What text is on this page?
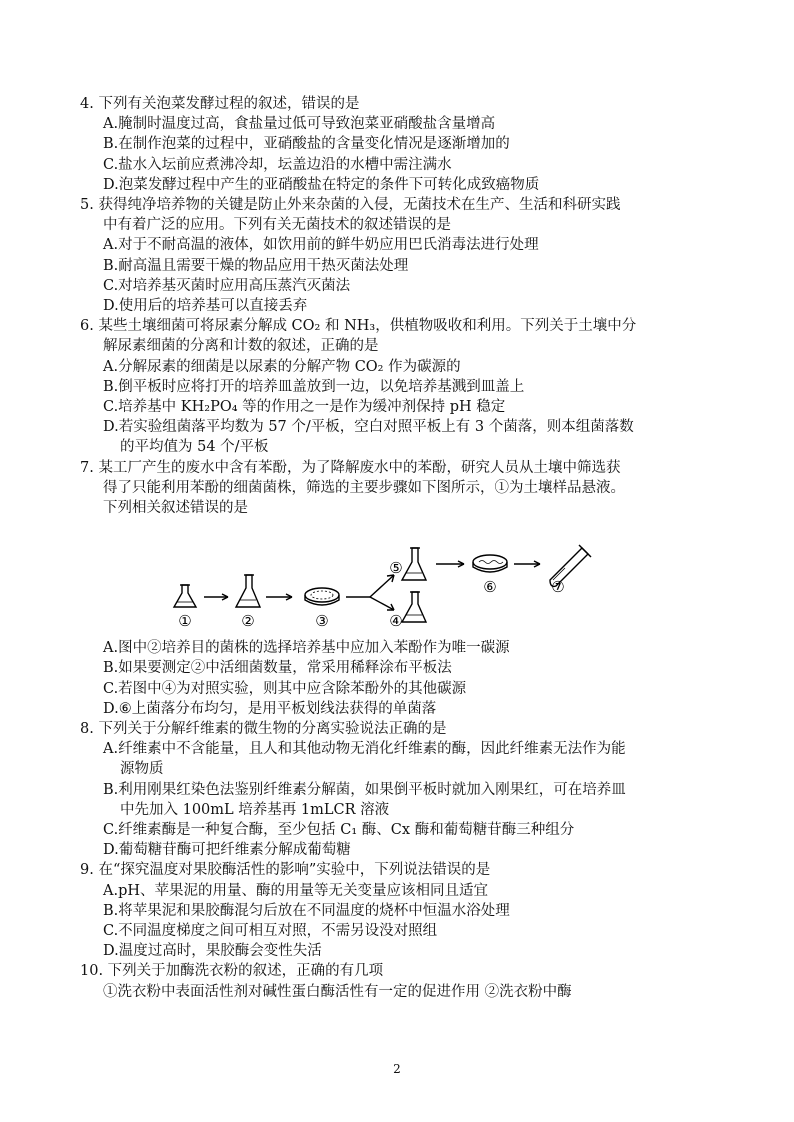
4. 下列有关泡菜发酵过程的叙述，错误的是
A.腌制时温度过高，食盐量过低可导致泡菜亚硝酸盐含量增高
B.在制作泡菜的过程中，亚硝酸盐的含量变化情况是逐渐增加的
C.盐水入坛前应煮沸冷却，坛盖边沿的水槽中需注满水
D.泡菜发酵过程中产生的亚硝酸盐在特定的条件下可转化成致癌物质
5. 获得纯净培养物的关键是防止外来杂菌的入侵，无菌技术在生产、生活和科研实践
中有着广泛的应用。下列有关无菌技术的叙述错误的是
A.对于不耐高温的液体，如饮用前的鲜牛奶应用巴氏消毒法进行处理
B.耐高温且需要干燥的物品应用干热灭菌法处理
C.对培养基灭菌时应用高压蒸汽灭菌法
D.使用后的培养基可以直接丢弃
6. 某些土壤细菌可将尿素分解成 CO₂ 和 NH₃，供植物吸收和利用。下列关于土壤中分
解尿素细菌的分离和计数的叙述，正确的是
A.分解尿素的细菌是以尿素的分解产物 CO₂ 作为碳源的
B.倒平板时应将打开的培养皿盖放到一边，以免培养基溅到皿盖上
C.培养基中 KH₂PO₄ 等的作用之一是作为缓冲剂保持 pH 稳定
D.若实验组菌落平均数为 57 个/平板，空白对照平板上有 3 个菌落，则本组菌落数
的平均值为 54 个/平板
7. 某工厂产生的废水中含有苯酚，为了降解废水中的苯酚，研究人员从土壤中筛选获
得了只能利用苯酚的细菌菌株，筛选的主要步骤如下图所示，①为土壤样品悬液。
下列相关叙述错误的是
A.图中②培养目的菌株的选择培养基中应加入苯酚作为唯一碳源
B.如果要测定②中活细菌数量，常采用稀释涂布平板法
C.若图中④为对照实验，则其中应含除苯酚外的其他碳源
D.⑥上菌落分布均匀，是用平板划线法获得的单菌落
8. 下列关于分解纤维素的微生物的分离实验说法正确的是
A.纤维素中不含能量，且人和其他动物无消化纤维素的酶，因此纤维素无法作为能
源物质
B.利用刚果红染色法鉴别纤维素分解菌，如果倒平板时就加入刚果红，可在培养皿
中先加入 100mL 培养基再 1mLCR 溶液
C.纤维素酶是一种复合酶，至少包括 C₁ 酶、Cx 酶和葡萄糖苷酶三种组分
D.葡萄糖苷酶可把纤维素分解成葡萄糖
9. 在“探究温度对果胶酶活性的影响”实验中，下列说法错误的是
A.pH、苹果泥的用量、酶的用量等无关变量应该相同且适宜
B.将苹果泥和果胶酶混匀后放在不同温度的烧杯中恒温水浴处理
C.不同温度梯度之间可相互对照，不需另设没对照组
D.温度过高时，果胶酶会变性失活
10. 下列关于加酶洗衣粉的叙述，正确的有几项
①洗衣粉中表面活性剂对碱性蛋白酶活性有一定的促进作用 ②洗衣粉中酶
①	②	③	④
⑤
⑥	⑦
2
